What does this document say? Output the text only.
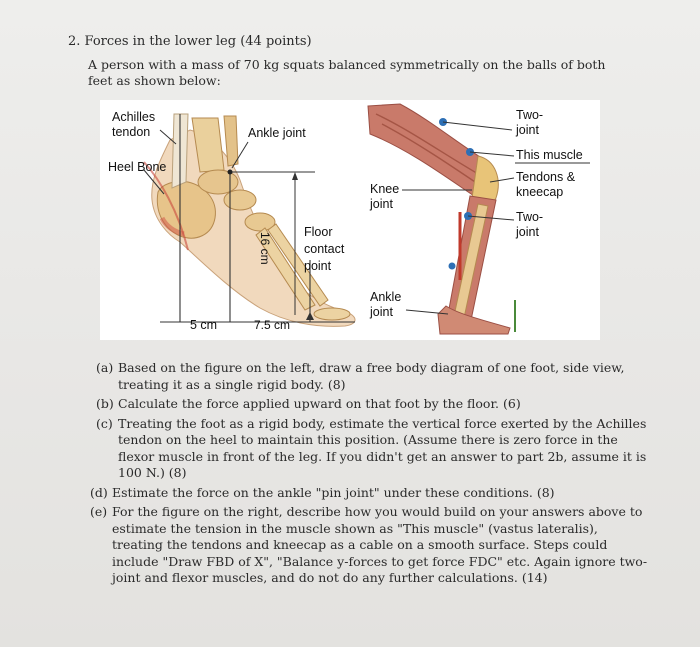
2. Forces in the lower leg (44 points)
A person with a mass of 70 kg squats balanced symmetrically on the balls of both feet as shown below:
Achilles tendon	Ankle joint
Heel Bone
16 cm	Floor contact point
5 cm	7.5 cm
Two- joint
This muscle
Tendons & kneecap
Two- joint
Knee joint
Ankle joint
(a) Based on the figure on the left, draw a free body diagram of one foot, side view, treating it as a single rigid body. (8)
(b) Calculate the force applied upward on that foot by the floor. (6)
(c) Treating the foot as a rigid body, estimate the vertical force exerted by the Achilles tendon on the heel to maintain this position. (Assume there is zero force in the flexor muscle in front of the leg. If you didn't get an answer to part 2b, assume it is 100 N.) (8)
(d) Estimate the force on the ankle "pin joint" under these conditions. (8)
(e) For the figure on the right, describe how you would build on your answers above to estimate the tension in the muscle shown as "This muscle" (vastus lateralis), treating the tendons and kneecap as a cable on a smooth surface. Steps could include "Draw FBD of X", "Balance y-forces to get force FDC" etc. Again ignore two-joint and flexor muscles, and do not do any further calculations. (14)
